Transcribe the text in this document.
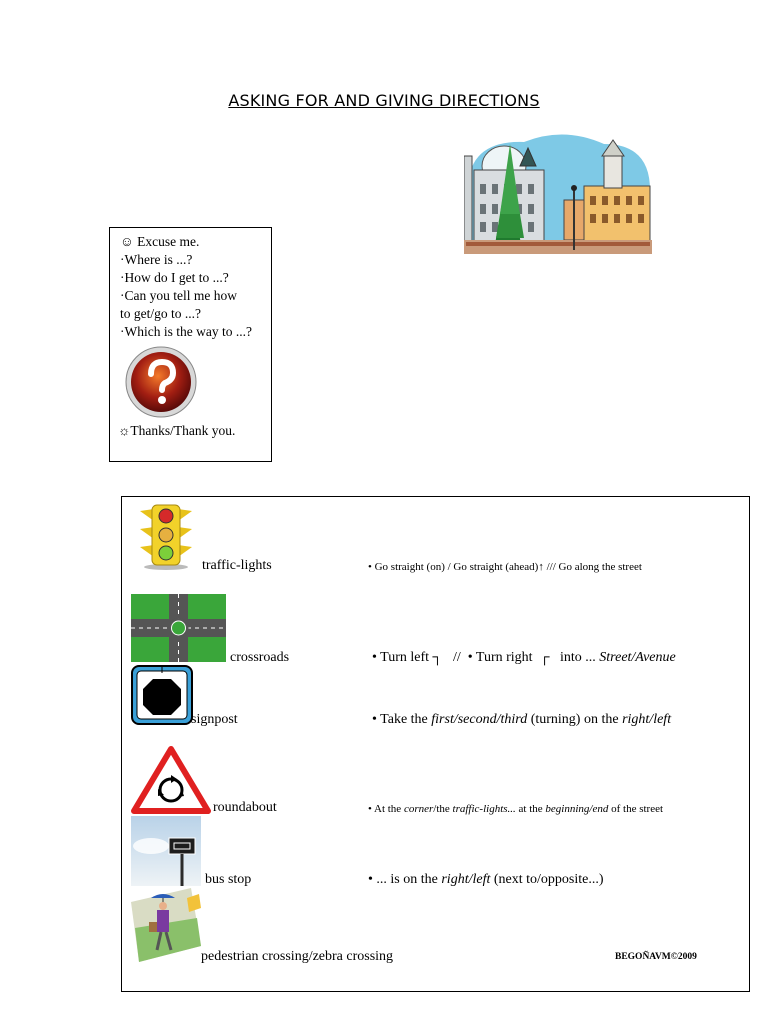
ASKING FOR AND GIVING DIRECTIONS
☺ Excuse me.
·Where is ...?
·How do I get to ...?
·Can you tell me how
to get/go to ...?
·Which is the way to ...?
☼Thanks/Thank you.
traffic-lights	• Go straight (on) / Go straight (ahead)↑ /// Go along the street
crossroads	• Turn left ┐ //  • Turn right ┌ into ... Street/Avenue
signpost	• Take the first/second/third (turning) on the right/left
roundabout	• At the corner/the traffic-lights... at the beginning/end of the street
bus stop	• ... is on the right/left (next to/opposite...)
pedestrian crossing/zebra crossing	BEGOÑAVM©2009
